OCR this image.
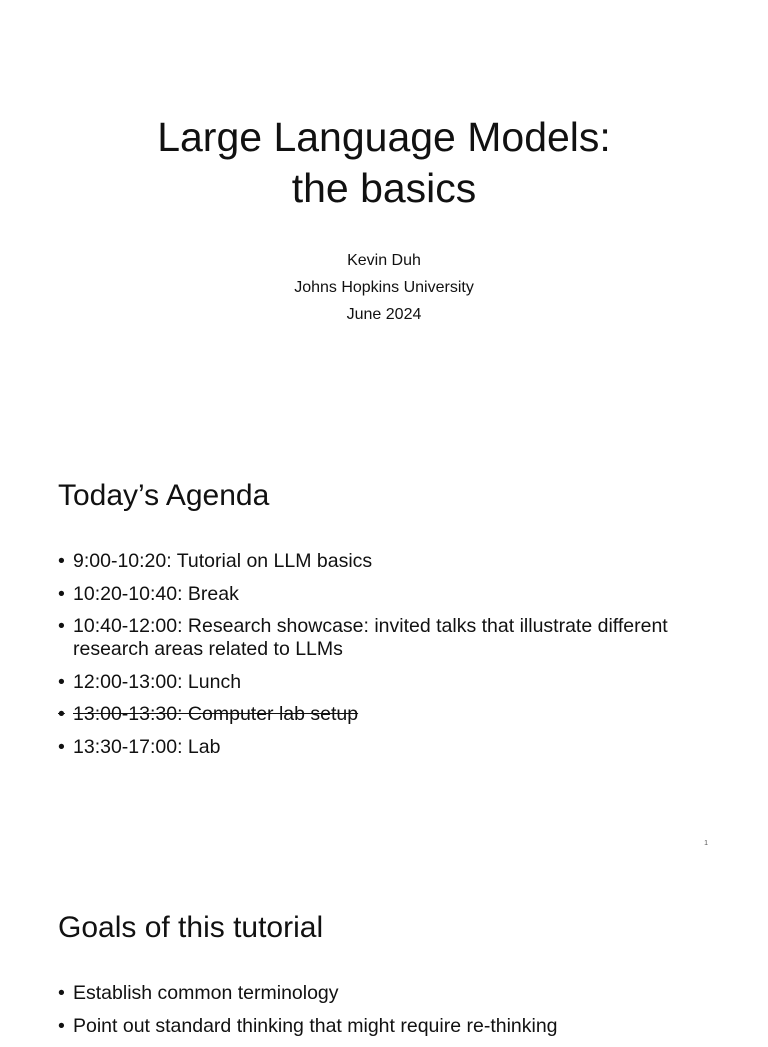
Large Language Models:
the basics
Kevin Duh
Johns Hopkins University
June 2024
Today’s Agenda
• 9:00-10:20: Tutorial on LLM basics
• 10:20-10:40: Break
• 10:40-12:00: Research showcase: invited talks that illustrate different research areas related to LLMs
• 12:00-13:00: Lunch
• 13:00-13:30: Computer lab setup
• 13:30-17:00: Lab
1
Goals of this tutorial
• Establish common terminology
• Point out standard thinking that might require re-thinking
